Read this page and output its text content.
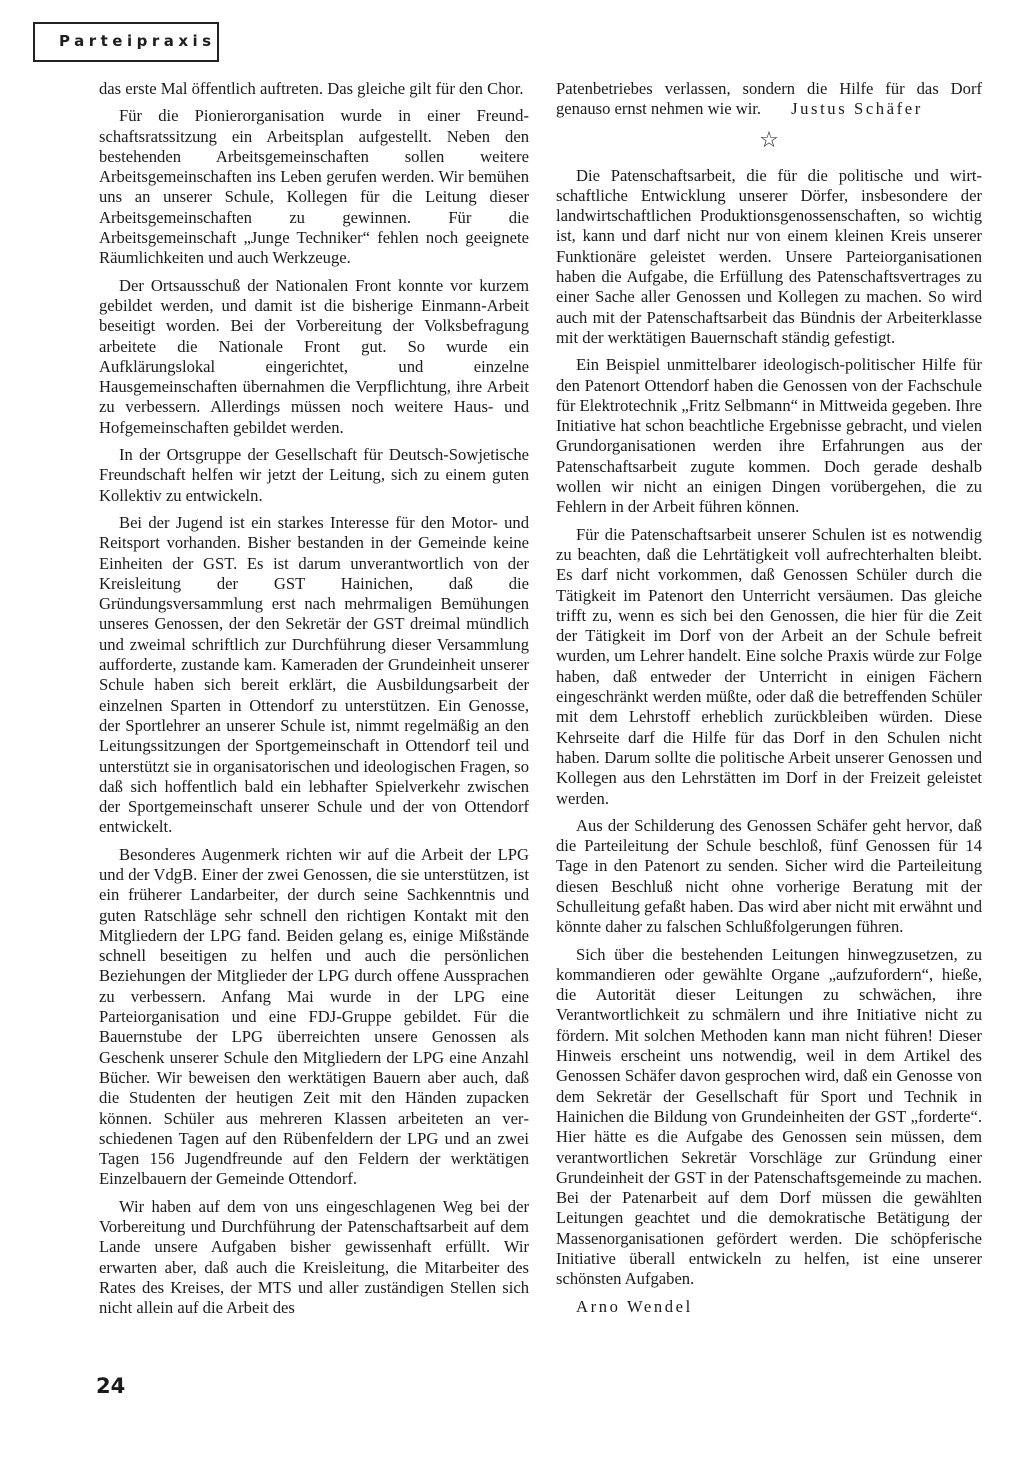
Parteipraxis

das erste Mal öffentlich auftreten. Das gleiche gilt für den Chor.

Für die Pionierorganisation wurde in einer Freundschaftsratssitzung ein Arbeitsplan aufgestellt. Neben den bestehenden Arbeitsgemeinschaften sollen weitere Arbeitsgemeinschaften ins Leben gerufen werden. Wir bemühen uns an unserer Schule, Kollegen für die Leitung dieser Arbeitsgemeinschaften zu gewinnen. Für die Arbeitsgemeinschaft „Junge Techniker“ fehlen noch geeignete Räumlichkeiten und auch Werkzeuge.

Der Ortsausschuß der Nationalen Front konnte vor kurzem gebildet werden, und damit ist die bisherige Einmann-Arbeit beseitigt worden. Bei der Vorbereitung der Volksbefragung arbeitete die Nationale Front gut. So wurde ein Aufklärungslokal eingerichtet, und einzelne Hausgemeinschaften übernahmen die Verpflichtung, ihre Arbeit zu verbessern. Allerdings müssen noch weitere Haus- und Hofgemeinschaften gebildet werden.

In der Ortsgruppe der Gesellschaft für Deutsch-Sowjetische Freundschaft helfen wir jetzt der Leitung, sich zu einem guten Kollektiv zu entwickeln.

Bei der Jugend ist ein starkes Interesse für den Motor- und Reitsport vorhanden. Bisher bestanden in der Gemeinde keine Einheiten der GST. Es ist darum unverantwortlich von der Kreisleitung der GST Hainichen, daß die Gründungsversammlung erst nach mehrmaligen Bemühungen unseres Genossen, der den Sekretär der GST dreimal mündlich und zweimal schriftlich zur Durchführung dieser Versammlung aufforderte, zustande kam. Kameraden der Grundeinheit unserer Schule haben sich bereit erklärt, die Ausbildungsarbeit der einzelnen Sparten in Ottendorf zu unterstützen. Ein Genosse, der Sportlehrer an unserer Schule ist, nimmt regelmäßig an den Leitungssitzungen der Sportgemeinschaft in Ottendorf teil und unterstützt sie in organisatorischen und ideologischen Fragen, so daß sich hoffentlich bald ein lebhafter Spielverkehr zwischen der Sportgemeinschaft unserer Schule und der von Ottendorf entwickelt.

Besonderes Augenmerk richten wir auf die Arbeit der LPG und der VdgB. Einer der zwei Genossen, die sie unterstützen, ist ein früherer Landarbeiter, der durch seine Sachkenntnis und guten Ratschläge sehr schnell den richtigen Kontakt mit den Mitgliedern der LPG fand. Beiden gelang es, einige Mißstände schnell beseitigen zu helfen und auch die persönlichen Beziehungen der Mitglieder der LPG durch offene Aussprachen zu verbessern. Anfang Mai wurde in der LPG eine Parteiorganisation und eine FDJ-Gruppe gebildet. Für die Bauernstube der LPG überreichten unsere Genossen als Geschenk unserer Schule den Mitgliedern der LPG eine Anzahl Bücher. Wir beweisen den werktätigen Bauern aber auch, daß die Studenten der heutigen Zeit mit den Händen zupacken können. Schüler aus mehreren Klassen arbeiteten an verschiedenen Tagen auf den Rübenfeldern der LPG und an zwei Tagen 156 Jugendfreunde auf den Feldern der werktätigen Einzelbauern der Gemeinde Ottendorf.

Wir haben auf dem von uns eingeschlagenen Weg bei der Vorbereitung und Durchführung der Patenschaftsarbeit auf dem Lande unsere Aufgaben bisher gewissenhaft erfüllt. Wir erwarten aber, daß auch die Kreisleitung, die Mitarbeiter des Rates des Kreises, der MTS und aller zuständigen Stellen sich nicht allein auf die Arbeit des

Patenbetriebes verlassen, sondern die Hilfe für das Dorf genauso ernst nehmen wie wir. Justus Schäfer

☆

Die Patenschaftsarbeit, die für die politische und wirtschaftliche Entwicklung unserer Dörfer, insbesondere der landwirtschaftlichen Produktionsgenossenschaften, so wichtig ist, kann und darf nicht nur von einem kleinen Kreis unserer Funktionäre geleistet werden. Unsere Parteiorganisationen haben die Aufgabe, die Erfüllung des Patenschaftsvertrages zu einer Sache aller Genossen und Kollegen zu machen. So wird auch mit der Patenschaftsarbeit das Bündnis der Arbeiterklasse mit der werktätigen Bauernschaft ständig gefestigt.

Ein Beispiel unmittelbarer ideologisch-politischer Hilfe für den Patenort Ottendorf haben die Genossen von der Fachschule für Elektrotechnik „Fritz Selbmann“ in Mittweida gegeben. Ihre Initiative hat schon beachtliche Ergebnisse gebracht, und vielen Grundorganisationen werden ihre Erfahrungen aus der Patenschaftsarbeit zugute kommen. Doch gerade deshalb wollen wir nicht an einigen Dingen vorübergehen, die zu Fehlern in der Arbeit führen können.

Für die Patenschaftsarbeit unserer Schulen ist es notwendig zu beachten, daß die Lehrtätigkeit voll aufrechterhalten bleibt. Es darf nicht vorkommen, daß Genossen Schüler durch die Tätigkeit im Patenort den Unterricht versäumen. Das gleiche trifft zu, wenn es sich bei den Genossen, die hier für die Zeit der Tätigkeit im Dorf von der Arbeit an der Schule befreit wurden, um Lehrer handelt. Eine solche Praxis würde zur Folge haben, daß entweder der Unterricht in einigen Fächern eingeschränkt werden müßte, oder daß die betreffenden Schüler mit dem Lehrstoff erheblich zurückbleiben würden. Diese Kehrseite darf die Hilfe für das Dorf in den Schulen nicht haben. Darum sollte die politische Arbeit unserer Genossen und Kollegen aus den Lehrstätten im Dorf in der Freizeit geleistet werden.

Aus der Schilderung des Genossen Schäfer geht hervor, daß die Parteileitung der Schule beschloß, fünf Genossen für 14 Tage in den Patenort zu senden. Sicher wird die Parteileitung diesen Beschluß nicht ohne vorherige Beratung mit der Schulleitung gefaßt haben. Das wird aber nicht mit erwähnt und könnte daher zu falschen Schlußfolgerungen führen.

Sich über die bestehenden Leitungen hinwegzusetzen, zu kommandieren oder gewählte Organe „aufzufordern“, hieße, die Autorität dieser Leitungen zu schwächen, ihre Verantwortlichkeit zu schmälern und ihre Initiative nicht zu fördern. Mit solchen Methoden kann man nicht führen! Dieser Hinweis erscheint uns notwendig, weil in dem Artikel des Genossen Schäfer davon gesprochen wird, daß ein Genosse von dem Sekretär der Gesellschaft für Sport und Technik in Hainichen die Bildung von Grundeinheiten der GST „forderte“. Hier hätte es die Aufgabe des Genossen sein müssen, dem verantwortlichen Sekretär Vorschläge zur Gründung einer Grundeinheit der GST in der Patenschaftsgemeinde zu machen. Bei der Patenarbeit auf dem Dorf müssen die gewählten Leitungen geachtet und die demokratische Betätigung der Massenorganisationen gefördert werden. Die schöpferische Initiative überall entwickeln zu helfen, ist eine unserer schönsten Aufgaben.

Arno Wendel

24
